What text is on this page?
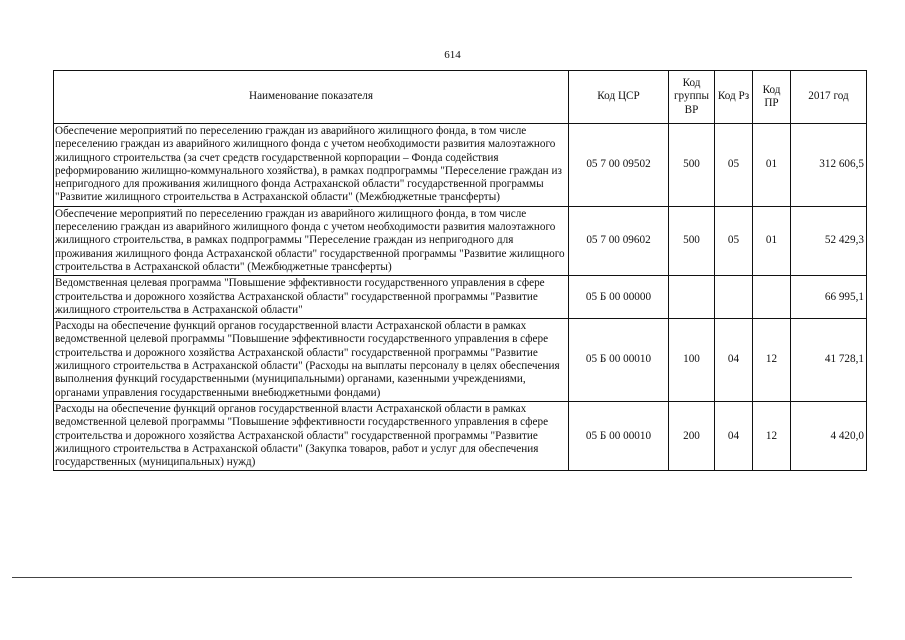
614
Наименование показателя	Код ЦСР	Код группы ВР	Код Рз	Код ПР	2017 год
Обеспечение мероприятий по переселению граждан из аварийного жилищного фонда, в том числе переселению граждан из аварийного жилищного фонда с учетом необходимости развития малоэтажного жилищного строительства (за счет средств государственной корпорации – Фонда содействия реформированию жилищно-коммунального хозяйства), в рамках подпрограммы "Переселение граждан из непригодного для проживания жилищного фонда Астраханской области" государственной программы "Развитие жилищного строительства в Астраханской области" (Межбюджетные трансферты)	05 7 00 09502	500	05	01	312 606,5
Обеспечение мероприятий по переселению граждан из аварийного жилищного фонда, в том числе переселению граждан из аварийного жилищного фонда с учетом необходимости развития малоэтажного жилищного строительства, в рамках подпрограммы "Переселение граждан из непригодного для проживания жилищного фонда Астраханской области" государственной программы "Развитие жилищного строительства в Астраханской области" (Межбюджетные трансферты)	05 7 00 09602	500	05	01	52 429,3
Ведомственная целевая программа "Повышение эффективности государственного управления в сфере строительства и дорожного хозяйства Астраханской области" государственной программы "Развитие жилищного строительства в Астраханской области"	05 Б 00 00000				66 995,1
Расходы на обеспечение функций органов государственной власти Астраханской области в рамках ведомственной целевой программы "Повышение эффективности государственного управления в сфере строительства и дорожного хозяйства Астраханской области" государственной программы "Развитие жилищного строительства в Астраханской области" (Расходы на выплаты персоналу в целях обеспечения выполнения функций государственными (муниципальными) органами, казенными учреждениями, органами управления государственными внебюджетными фондами)	05 Б 00 00010	100	04	12	41 728,1
Расходы на обеспечение функций органов государственной власти Астраханской области в рамках ведомственной целевой программы "Повышение эффективности государственного управления в сфере строительства и дорожного хозяйства Астраханской области" государственной программы "Развитие жилищного строительства в Астраханской области" (Закупка товаров, работ и услуг для обеспечения государственных (муниципальных) нужд)	05 Б 00 00010	200	04	12	4 420,0
